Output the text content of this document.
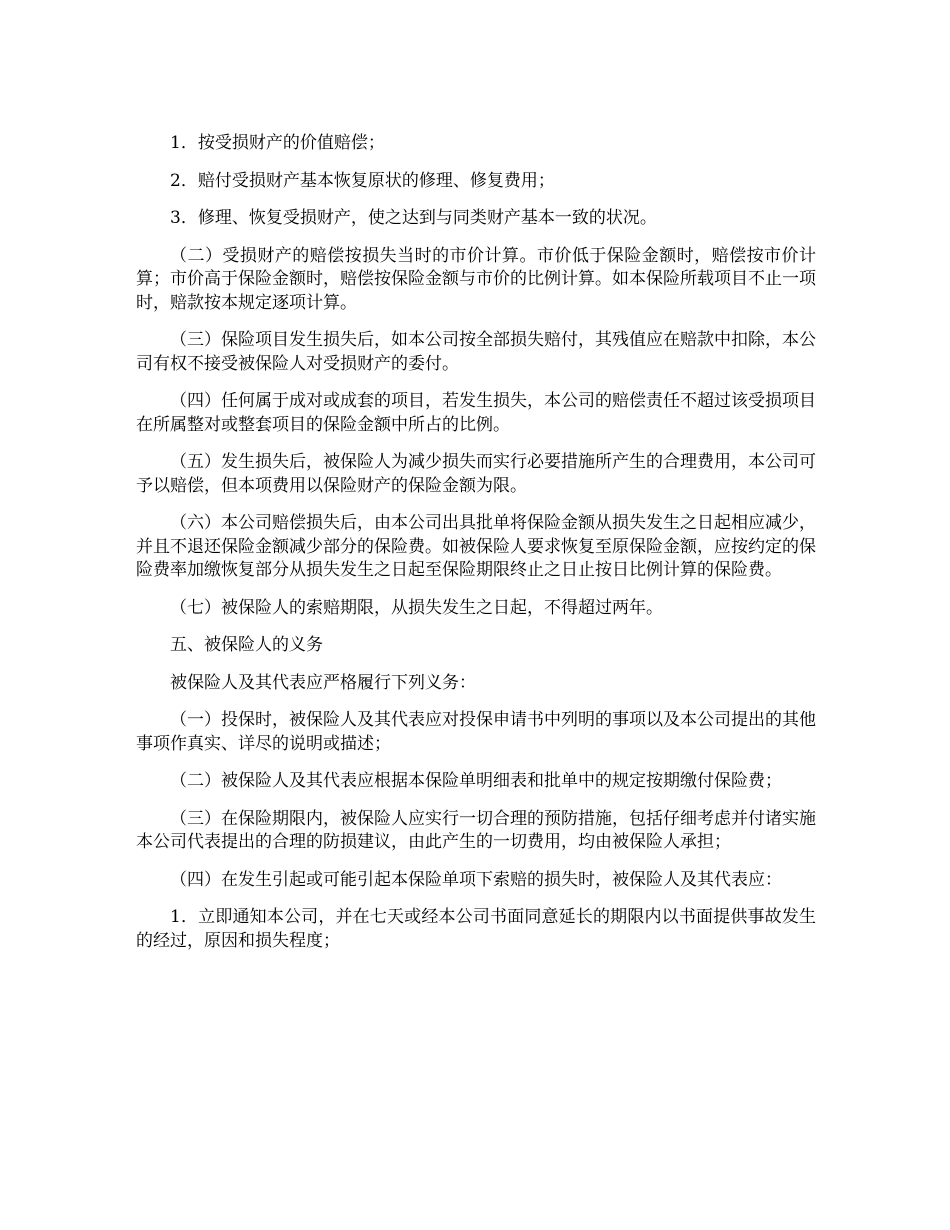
1．按受损财产的价值赔偿；

2．赔付受损财产基本恢复原状的修理、修复费用；

3．修理、恢复受损财产，使之达到与同类财产基本一致的状况。

（二）受损财产的赔偿按损失当时的市价计算。市价低于保险金额时，赔偿按市价计算；市价高于保险金额时，赔偿按保险金额与市价的比例计算。如本保险所载项目不止一项时，赔款按本规定逐项计算。

（三）保险项目发生损失后，如本公司按全部损失赔付，其残值应在赔款中扣除，本公司有权不接受被保险人对受损财产的委付。

（四）任何属于成对或成套的项目，若发生损失，本公司的赔偿责任不超过该受损项目在所属整对或整套项目的保险金额中所占的比例。

（五）发生损失后，被保险人为减少损失而实行必要措施所产生的合理费用，本公司可予以赔偿，但本项费用以保险财产的保险金额为限。

（六）本公司赔偿损失后，由本公司出具批单将保险金额从损失发生之日起相应减少，并且不退还保险金额减少部分的保险费。如被保险人要求恢复至原保险金额，应按约定的保险费率加缴恢复部分从损失发生之日起至保险期限终止之日止按日比例计算的保险费。

（七）被保险人的索赔期限，从损失发生之日起，不得超过两年。

五、被保险人的义务

被保险人及其代表应严格履行下列义务：

（一）投保时，被保险人及其代表应对投保申请书中列明的事项以及本公司提出的其他事项作真实、详尽的说明或描述；

（二）被保险人及其代表应根据本保险单明细表和批单中的规定按期缴付保险费；

（三）在保险期限内，被保险人应实行一切合理的预防措施，包括仔细考虑并付诸实施本公司代表提出的合理的防损建议，由此产生的一切费用，均由被保险人承担；

（四）在发生引起或可能引起本保险单项下索赔的损失时，被保险人及其代表应：

1．立即通知本公司，并在七天或经本公司书面同意延长的期限内以书面提供事故发生的经过，原因和损失程度；
